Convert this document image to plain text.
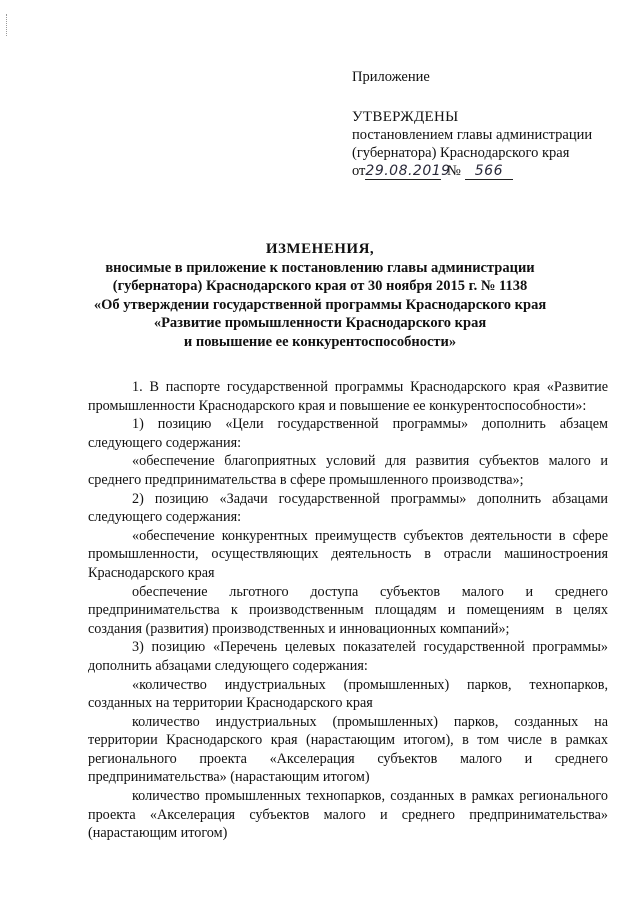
Приложение

УТВЕРЖДЕНЫ

постановлением главы администрации

(губернатора) Краснодарского края

от29.08.2019 № 566

ИЗМЕНЕНИЯ,
вносимые в приложение к постановлению главы администрации
(губернатора) Краснодарского края от 30 ноября 2015 г. № 1138
«Об утверждении государственной программы Краснодарского края
«Развитие промышленности Краснодарского края
и повышение ее конкурентоспособности»

1. В паспорте государственной программы Краснодарского края «Развитие промышленности Краснодарского края и повышение ее конкурентоспособности»:

1) позицию «Цели государственной программы» дополнить абзацем следующего содержания:

«обеспечение благоприятных условий для развития субъектов малого и среднего предпринимательства в сфере промышленного производства»;

2) позицию «Задачи государственной программы» дополнить абзацами следующего содержания:

«обеспечение конкурентных преимуществ субъектов деятельности в сфере промышленности, осуществляющих деятельность в отрасли машиностроения Краснодарского края

обеспечение льготного доступа субъектов малого и среднего предпринимательства к производственным площадям и помещениям в целях создания (развития) производственных и инновационных компаний»;

3) позицию «Перечень целевых показателей государственной программы» дополнить абзацами следующего содержания:

«количество индустриальных (промышленных) парков, технопарков, созданных на территории Краснодарского края

количество индустриальных (промышленных) парков, созданных на территории Краснодарского края (нарастающим итогом), в том числе в рамках регионального проекта «Акселерация субъектов малого и среднего предпринимательства» (нарастающим итогом)

количество промышленных технопарков, созданных в рамках регионального проекта «Акселерация субъектов малого и среднего предпринимательства» (нарастающим итогом)
